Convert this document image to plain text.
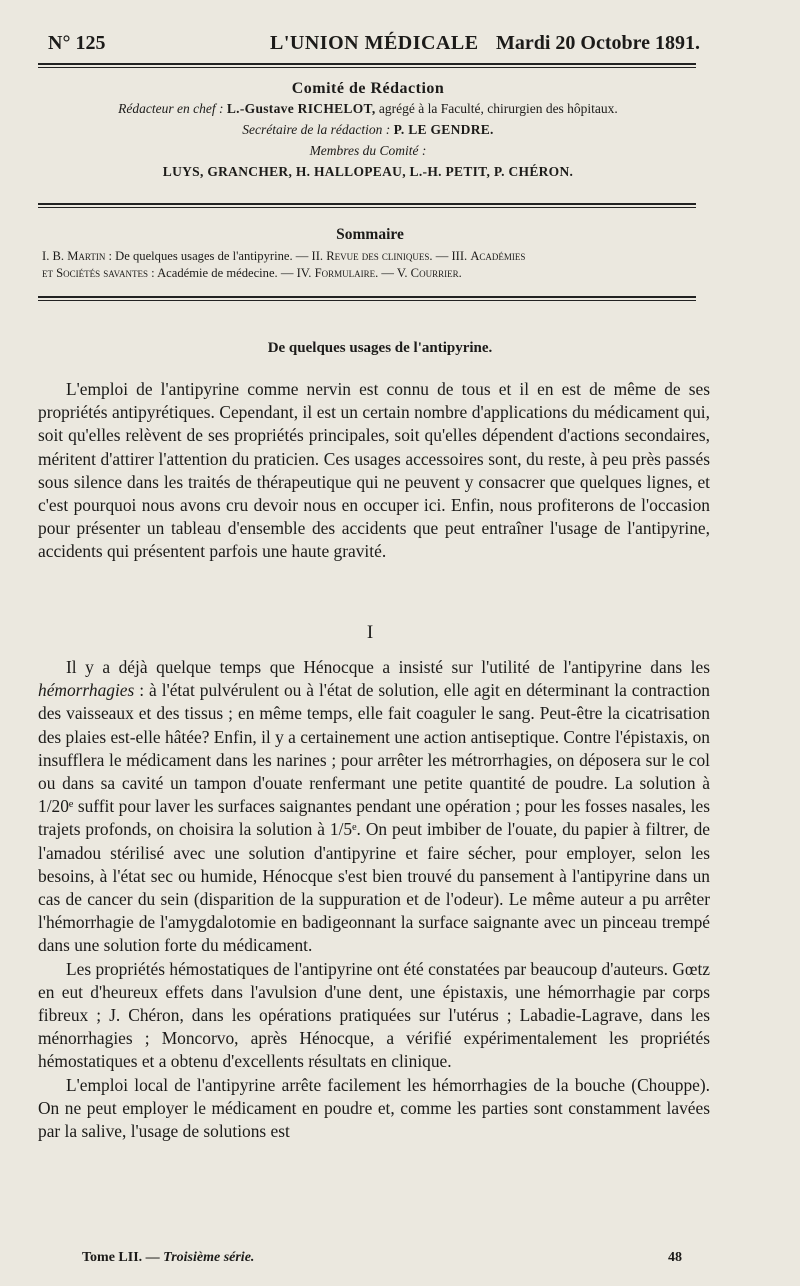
N° 125	L'UNION MÉDICALE Mardi 20 Octobre 1891.
Comité de Rédaction
Rédacteur en chef : L.-Gustave RICHELOT, agrégé à la Faculté, chirurgien des hôpitaux.
Secrétaire de la rédaction : P. LE GENDRE.
Membres du Comité :
LUYS, GRANCHER, H. HALLOPEAU, L.-H. PETIT, P. CHÉRON.
Sommaire
I. B. Martin : De quelques usages de l'antipyrine. — II. Revue des cliniques. — III. Académies
et Sociétés savantes : Académie de médecine. — IV. Formulaire. — V. Courrier.
De quelques usages de l'antipyrine.

L'emploi de l'antipyrine comme nervin est connu de tous et il en est de même de ses propriétés antipyrétiques. Cependant, il est un certain nombre d'applications du médicament qui, soit qu'elles relèvent de ses propriétés principales, soit qu'elles dépendent d'actions secondaires, méritent d'attirer l'attention du praticien. Ces usages accessoires sont, du reste, à peu près passés sous silence dans les traités de thérapeutique qui ne peuvent y consacrer que quelques lignes, et c'est pourquoi nous avons cru devoir nous en occuper ici. Enfin, nous profiterons de l'occasion pour présenter un tableau d'ensemble des accidents que peut entraîner l'usage de l'antipyrine, accidents qui présentent parfois une haute gravité.

I

Il y a déjà quelque temps que Hénocque a insisté sur l'utilité de l'antipyrine dans les hémorrhagies : à l'état pulvérulent ou à l'état de solution, elle agit en déterminant la contraction des vaisseaux et des tissus ; en même temps, elle fait coaguler le sang. Peut-être la cicatrisation des plaies est-elle hâtée? Enfin, il y a certainement une action antiseptique. Contre l'épistaxis, on insufflera le médicament dans les narines ; pour arrêter les métrorrhagies, on déposera sur le col ou dans sa cavité un tampon d'ouate renfermant une petite quantité de poudre. La solution à 1/20ᵉ suffit pour laver les surfaces saignantes pendant une opération ; pour les fosses nasales, les trajets profonds, on choisira la solution à 1/5ᵉ. On peut imbiber de l'ouate, du papier à filtrer, de l'amadou stérilisé avec une solution d'antipyrine et faire sécher, pour employer, selon les besoins, à l'état sec ou humide, Hénocque s'est bien trouvé du pansement à l'antipyrine dans un cas de cancer du sein (disparition de la suppuration et de l'odeur). Le même auteur a pu arrêter l'hémorrhagie de l'amygdalotomie en badigeonnant la surface saignante avec un pinceau trempé dans une solution forte du médicament.

Les propriétés hémostatiques de l'antipyrine ont été constatées par beaucoup d'auteurs. Gœtz en eut d'heureux effets dans l'avulsion d'une dent, une épistaxis, une hémorrhagie par corps fibreux ; J. Chéron, dans les opérations pratiquées sur l'utérus ; Labadie-Lagrave, dans les ménorrhagies ; Moncorvo, après Hénocque, a vérifié expérimentalement les propriétés hémostatiques et a obtenu d'excellents résultats en clinique.

L'emploi local de l'antipyrine arrête facilement les hémorrhagies de la bouche (Chouppe). On ne peut employer le médicament en poudre et, comme les parties sont constamment lavées par la salive, l'usage de solutions est

Tome LII. — Troisième série.	48
